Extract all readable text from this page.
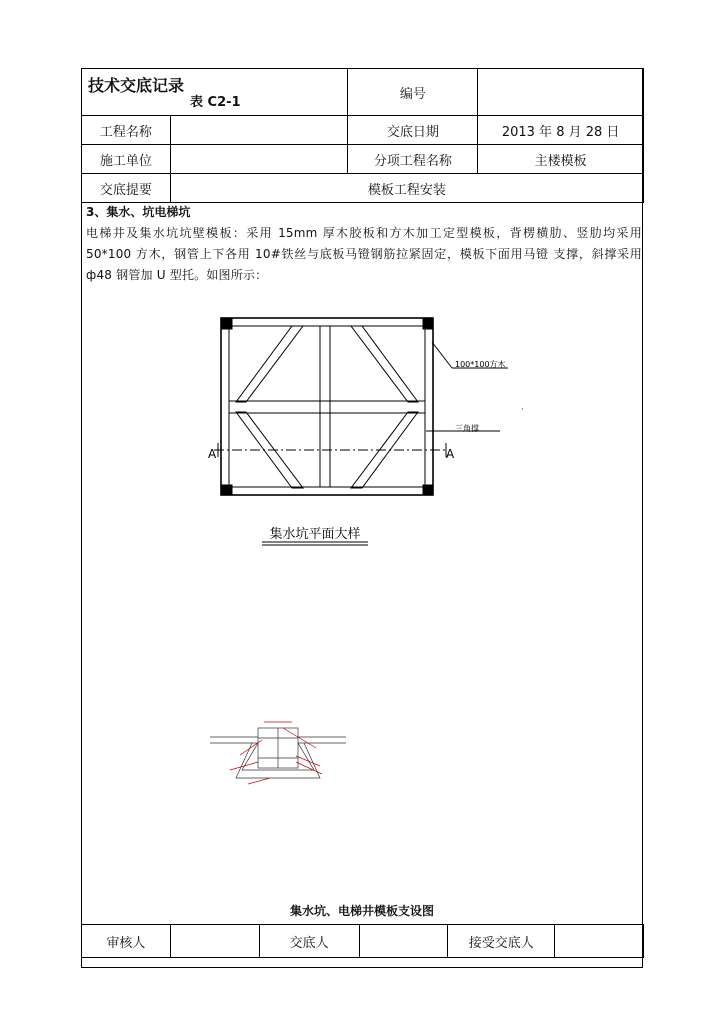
技术交底记录
表 C2-1		编号	
工程名称		交底日期	2013 年 8 月 28 日
施工单位		分项工程名称	主楼模板
交底提要	模板工程安装		
3、集水、坑电梯坑

电梯井及集水坑坑壁模板：采用 15mm 厚木胶板和方木加工定型模板，背楞横肋、竖肋均采用 50*100 方木，钢管上下各用 10#铁丝与底板马镫钢筋拉紧固定，模板下面用马镫 支撑，斜撑采用 ф48 钢管加 U 型托。如图所示：

100*100方木
三角撑
A	A
集水坑平面大样
·
集水坑、电梯井模板支设图
审核人		交底人		接受交底人	
